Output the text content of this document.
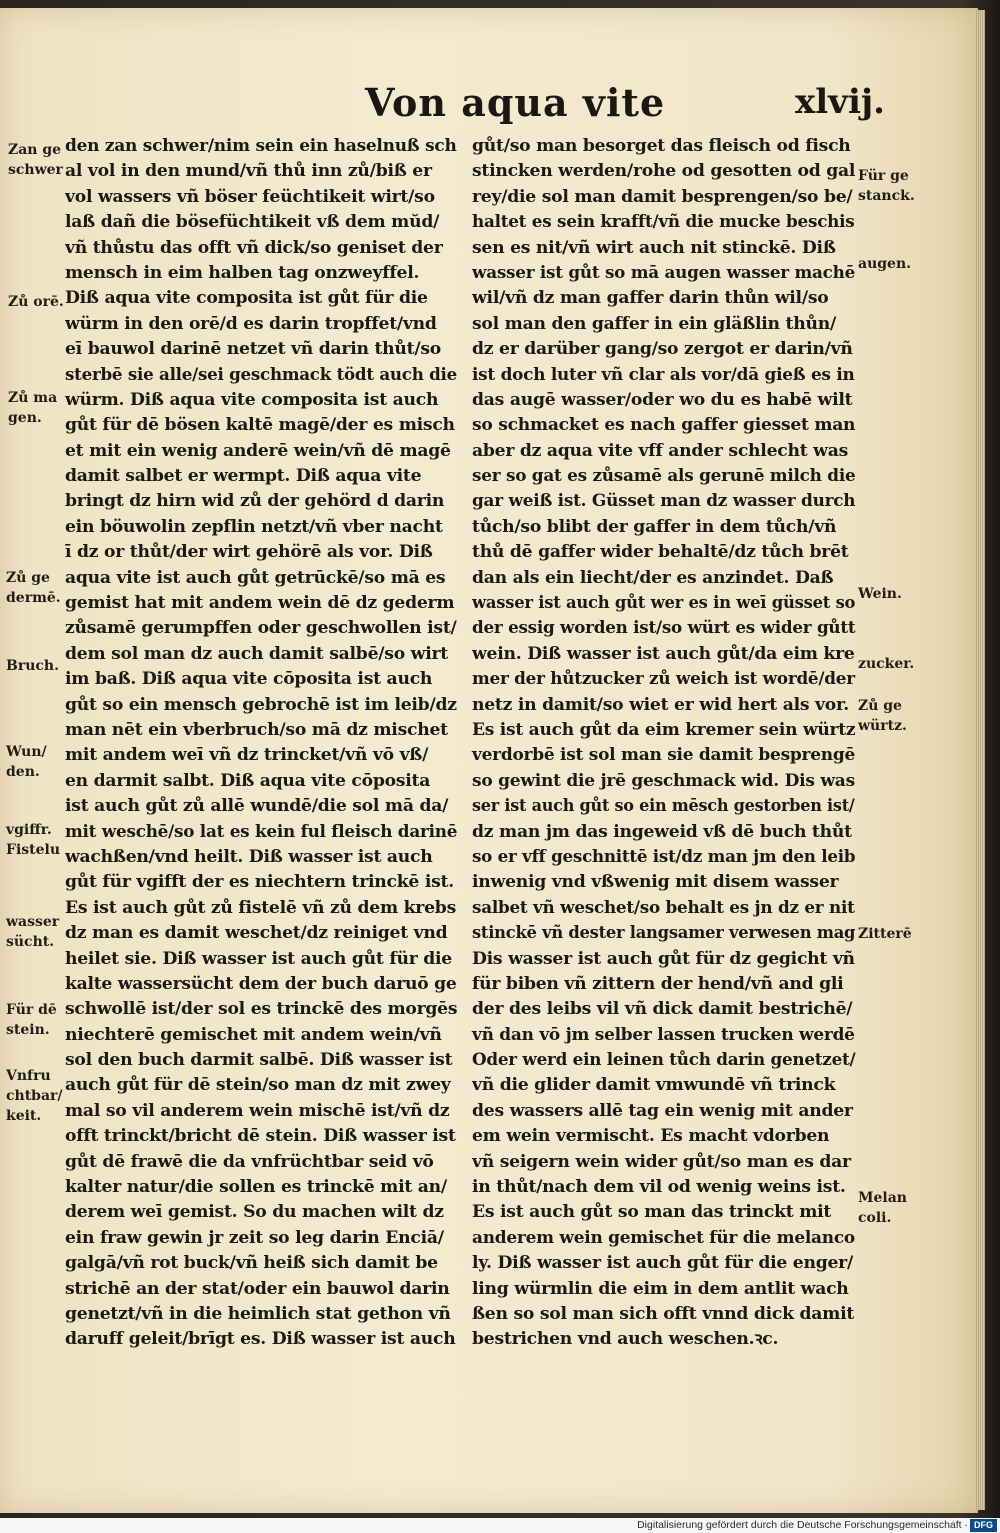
Von aqua vite	xlvij.
den zan schwer/nim sein ein haselnuß sch
al vol in den mund/vñ thů inn zů/biß er
vol wassers vñ böser feüchtikeit wirt/so
laß dañ die bösefüchtikeit vß dem mŭd/
vñ thůstu das offt vñ dick/so geniset der
mensch in eim halben tag onzweyffel.
Diß aqua vite composita ist gůt für die
würm in den orē/d es darin tropffet/vnd
eī bauwol darinē netzet vñ darin thůt/so
sterbē sie alle/sei geschmack tödt auch die
würm. Diß aqua vite composita ist auch
gůt für dē bösen kaltē magē/der es misch
et mit ein wenig anderē wein/vñ dē magē
damit salbet er wermpt. Diß aqua vite
bringt dz hirn wid zů der gehörd d darin
ein böuwolin zepflin netzt/vñ vber nacht
ī dz or thůt/der wirt gehörē als vor. Diß
aqua vite ist auch gůt getrūckē/so mā es
gemist hat mit andem wein dē dz gederm
zůsamē gerumpffen oder geschwollen ist/
dem sol man dz auch damit salbē/so wirt
im baß. Diß aqua vite cōposita ist auch
gůt so ein mensch gebrochē ist im leib/dz
man nēt ein vberbruch/so mā dz mischet
mit andem weī vñ dz trincket/vñ vō vß/
en darmit salbt. Diß aqua vite cōposita
ist auch gůt zů allē wundē/die sol mā da/
mit weschē/so lat es kein ful fleisch darinē
wachßen/vnd heilt. Diß wasser ist auch
gůt für vgifft der es niechtern trinckē ist.
Es ist auch gůt zů fistelē vñ zů dem krebs
dz man es damit weschet/dz reiniget vnd
heilet sie. Diß wasser ist auch gůt für die
kalte wassersücht dem der buch daruō ge
schwollē ist/der sol es trinckē des morgēs
niechterē gemischet mit andem wein/vñ
sol den buch darmit salbē. Diß wasser ist
auch gůt für dē stein/so man dz mit zwey
mal so vil anderem wein mischē ist/vñ dz
offt trinckt/bricht dē stein. Diß wasser ist
gůt dē frawē die da vnfrüchtbar seid vō
kalter natur/die sollen es trinckē mit an/
derem weī gemist. So du machen wilt dz
ein fraw gewin jr zeit so leg darin Enciā/
galgā/vñ rot buck/vñ heiß sich damit be
strichē an der stat/oder ein bauwol darin
genetzt/vñ in die heimlich stat gethon vñ
daruff geleit/brīgt es. Diß wasser ist auch
gůt/so man besorget das fleisch od fisch
stincken werden/rohe od gesotten od gal
rey/die sol man damit besprengen/so be/
haltet es sein krafft/vñ die mucke beschis
sen es nit/vñ wirt auch nit stinckē. Diß
wasser ist gůt so mā augen wasser machē
wil/vñ dz man gaffer darin thůn wil/so
sol man den gaffer in ein gläßlin thůn/
dz er darüber gang/so zergot er darin/vñ
ist doch luter vñ clar als vor/dā gieß es in
das augē wasser/oder wo du es habē wilt
so schmacket es nach gaffer giesset man
aber dz aqua vite vff ander schlecht was
ser so gat es zůsamē als gerunē milch die
gar weiß ist. Güsset man dz wasser durch
tůch/so blibt der gaffer in dem tůch/vñ
thů dē gaffer wider behaltē/dz tůch brēt
dan als ein liecht/der es anzindet. Daß
wasser ist auch gůt wer es in weī güsset so
der essig worden ist/so würt es wider gůtt
wein. Diß wasser ist auch gůt/da eim kre
mer der hůtzucker zů weich ist wordē/der
netz in damit/so wiet er wid hert als vor.
Es ist auch gůt da eim kremer sein würtz
verdorbē ist sol man sie damit besprengē
so gewint die jrē geschmack wid. Dis was
ser ist auch gůt so ein mēsch gestorben ist/
dz man jm das ingeweid vß dē buch thůt
so er vff geschnittē ist/dz man jm den leib
inwenig vnd vßwenig mit disem wasser
salbet vñ weschet/so behalt es jn dz er nit
stinckē vñ dester langsamer verwesen mag
Dis wasser ist auch gůt für dz gegicht vñ
für biben vñ zittern der hend/vñ and gli
der des leibs vil vñ dick damit bestrichē/
vñ dan vō jm selber lassen trucken werdē
Oder werd ein leinen tůch darin genetzet/
vñ die glider damit vmwundē vñ trinck
des wassers allē tag ein wenig mit ander
em wein vermischt. Es macht vdorben
vñ seigern wein wider gůt/so man es dar
in thůt/nach dem vil od wenig weins ist.
Es ist auch gůt so man das trinckt mit
anderem wein gemischet für die melanco
ly. Diß wasser ist auch gůt für die enger/
ling würmlin die eim in dem antlit wach
ßen so sol man sich offt vnnd dick damit
bestrichen vnd auch weschen.ꝛc.
Zan ge
schwer
Zů orē.
Zů ma
gen.
Zů ge
dermē.
Bruch.
Wun/
den.
vgiffr.
Fistelu
wasser
sücht.
Für dē
stein.
Vnfru
chtbar/
keit.
Für ge
stanck.
augen.
Wein.
zucker.
Zů ge
würtz.
Zitterē
Melan
coli.
Digitalisierung gefördert durch die Deutsche Forschungsgemeinschaft · DFG
